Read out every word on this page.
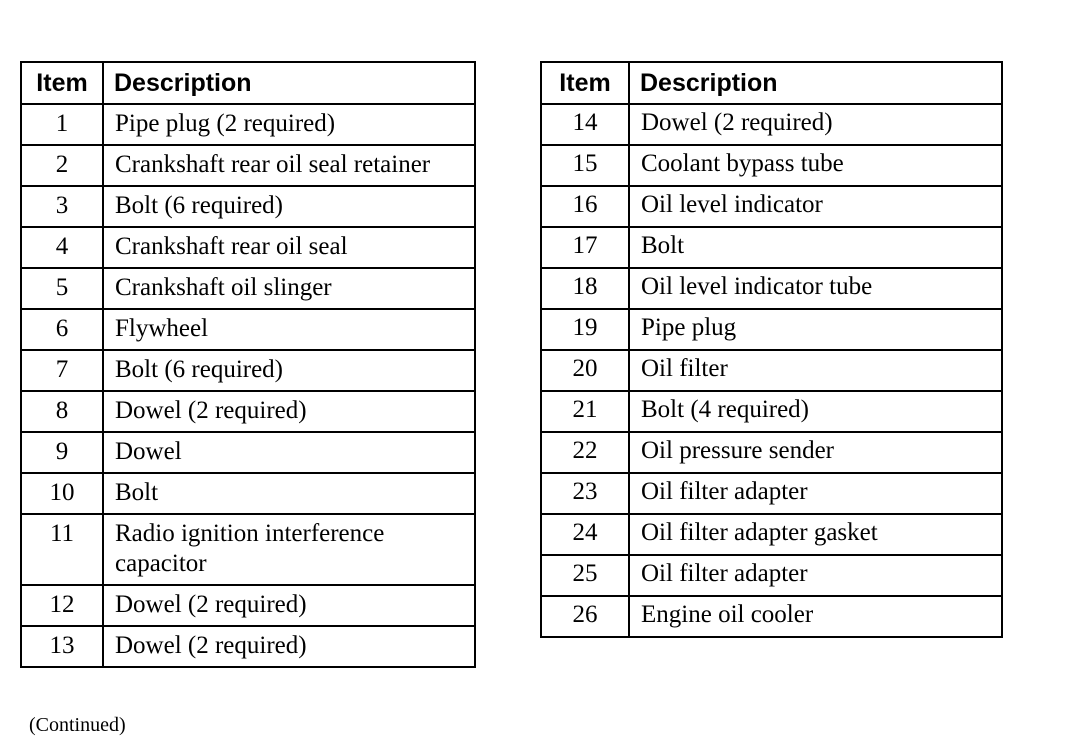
Item	Description
1	Pipe plug (2 required)
2	Crankshaft rear oil seal retainer
3	Bolt (6 required)
4	Crankshaft rear oil seal
5	Crankshaft oil slinger
6	Flywheel
7	Bolt (6 required)
8	Dowel (2 required)
9	Dowel
10	Bolt
11	Radio ignition interference capacitor
12	Dowel (2 required)
13	Dowel (2 required)
Item	Description
14	Dowel (2 required)
15	Coolant bypass tube
16	Oil level indicator
17	Bolt
18	Oil level indicator tube
19	Pipe plug
20	Oil filter
21	Bolt (4 required)
22	Oil pressure sender
23	Oil filter adapter
24	Oil filter adapter gasket
25	Oil filter adapter
26	Engine oil cooler
(Continued)
